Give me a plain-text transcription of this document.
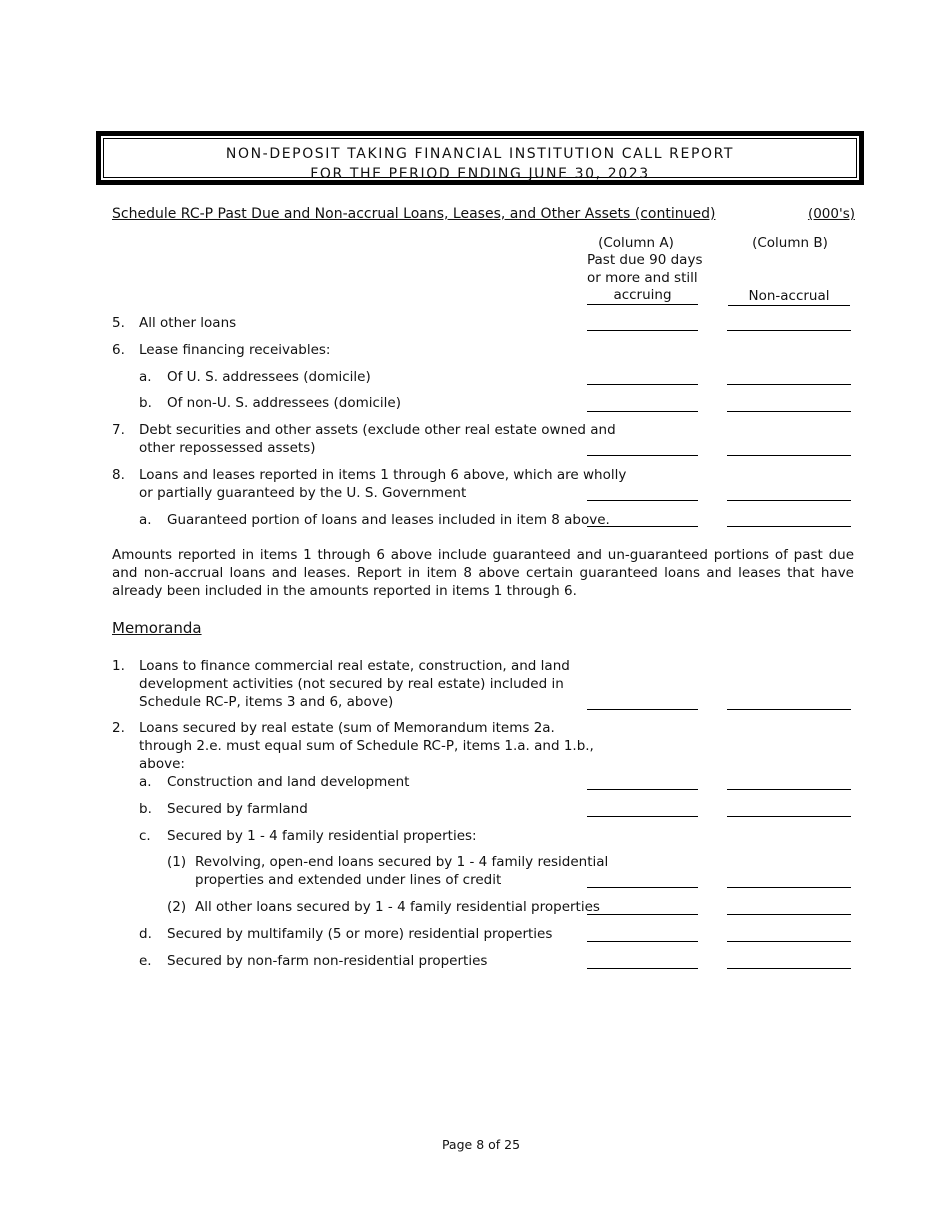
NON-DEPOSIT TAKING FINANCIAL INSTITUTION CALL REPORT
FOR THE PERIOD ENDING JUNE 30, 2023
Schedule RC-P Past Due and Non-accrual Loans, Leases, and Other Assets (continued)	(000's)
(Column A)	(Column B)
Past due 90 days
or more and still
accruing	Non-accrual
5. All other loans
6. Lease financing receivables:
a. Of U. S. addressees (domicile)
b. Of non-U. S. addressees (domicile)
7. Debt securities and other assets (exclude other real estate owned and
other repossessed assets)
8. Loans and leases reported in items 1 through 6 above, which are wholly
or partially guaranteed by the U. S. Government
a. Guaranteed portion of loans and leases included in item 8 above.
Amounts reported in items 1 through 6 above include guaranteed and un-guaranteed portions of past due and non-accrual loans and leases. Report in item 8 above certain guaranteed loans and leases that have already been included in the amounts reported in items 1 through 6.
Memoranda
1. Loans to finance commercial real estate, construction, and land
development activities (not secured by real estate) included in
Schedule RC-P, items 3 and 6, above)
2. Loans secured by real estate (sum of Memorandum items 2a.
through 2.e. must equal sum of Schedule RC-P, items 1.a. and 1.b.,
above:
a. Construction and land development
b. Secured by farmland
c. Secured by 1 - 4 family residential properties:
(1) Revolving, open-end loans secured by 1 - 4 family residential
properties and extended under lines of credit
(2) All other loans secured by 1 - 4 family residential properties
d. Secured by multifamily (5 or more) residential properties
e. Secured by non-farm non-residential properties
Page 8 of 25
